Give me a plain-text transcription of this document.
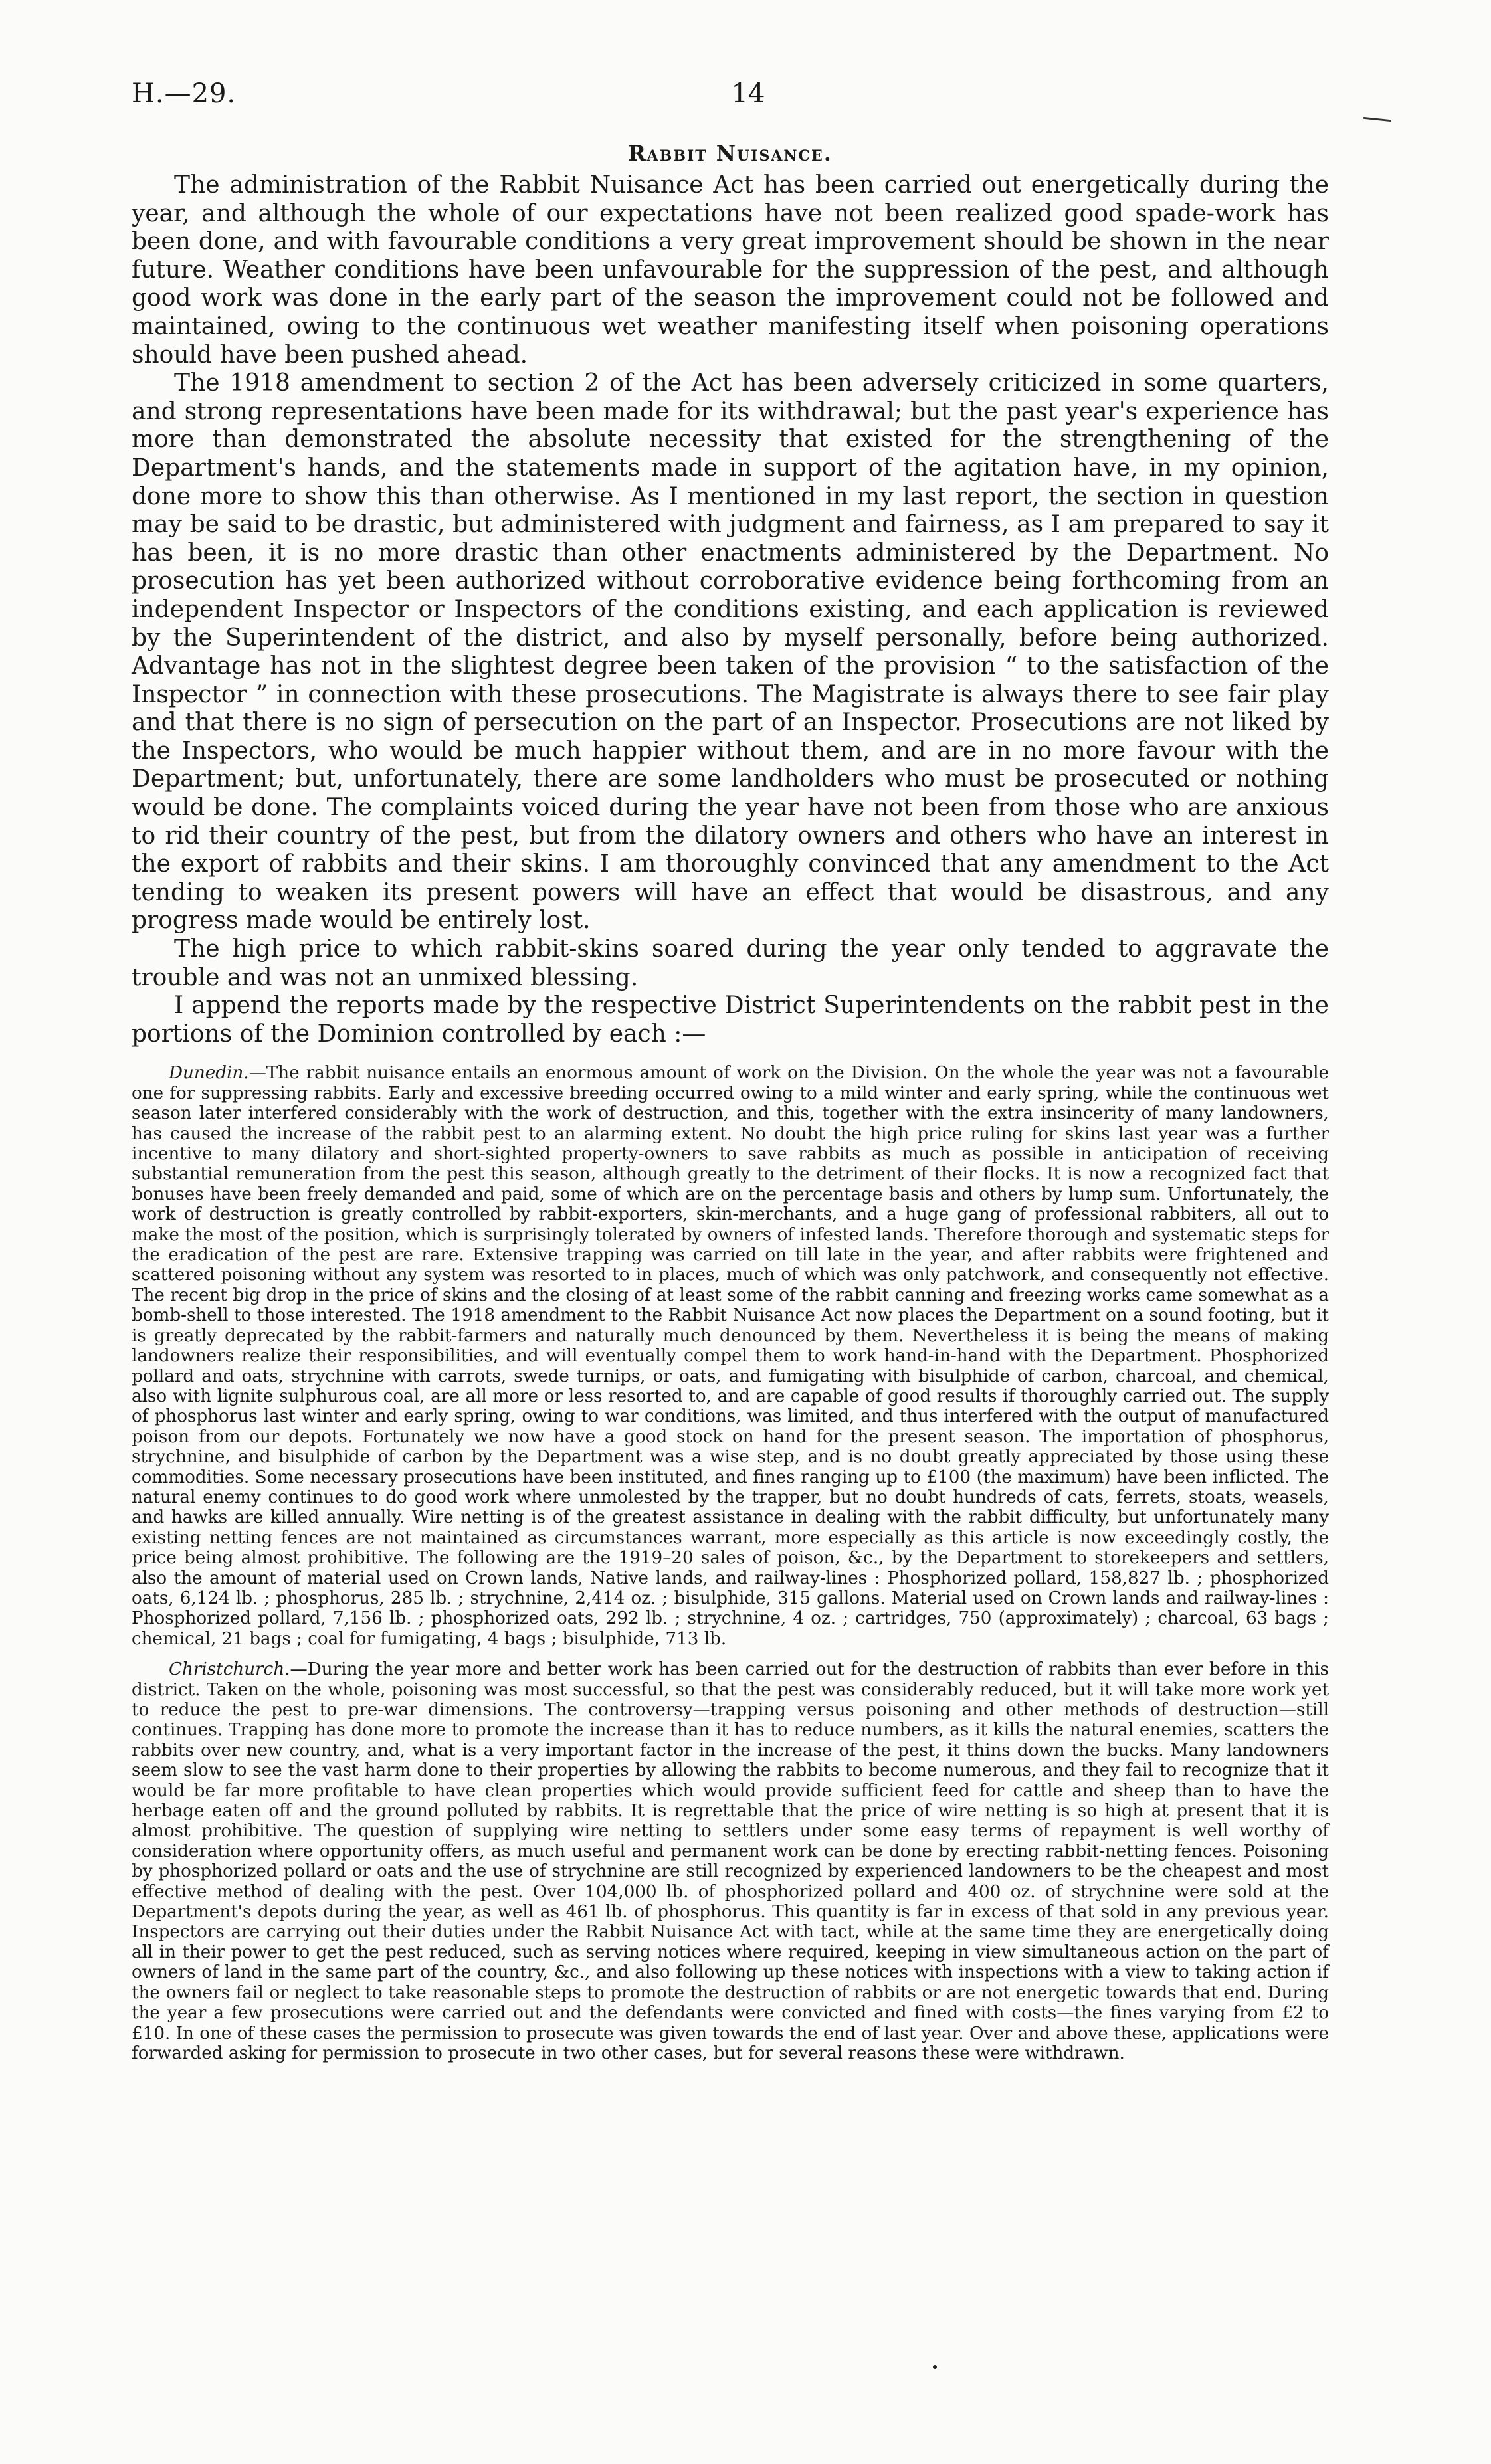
H.—29.	14
Rabbit Nuisance.

The administration of the Rabbit Nuisance Act has been carried out energetically during the year, and although the whole of our expectations have not been realized good spade-work has been done, and with favourable conditions a very great improvement should be shown in the near future. Weather conditions have been unfavourable for the suppression of the pest, and although good work was done in the early part of the season the improvement could not be followed and maintained, owing to the continuous wet weather manifesting itself when poisoning operations should have been pushed ahead.

The 1918 amendment to section 2 of the Act has been adversely criticized in some quarters, and strong representations have been made for its withdrawal; but the past year's experience has more than demonstrated the absolute necessity that existed for the strengthening of the Department's hands, and the statements made in support of the agitation have, in my opinion, done more to show this than otherwise. As I mentioned in my last report, the section in question may be said to be drastic, but administered with judgment and fairness, as I am prepared to say it has been, it is no more drastic than other enactments administered by the Department. No prosecution has yet been authorized without corroborative evidence being forthcoming from an independent Inspector or Inspectors of the conditions existing, and each application is reviewed by the Superintendent of the district, and also by myself personally, before being authorized. Advantage has not in the slightest degree been taken of the provision “ to the satisfaction of the Inspector ” in connection with these prosecutions. The Magistrate is always there to see fair play and that there is no sign of persecution on the part of an Inspector. Prosecutions are not liked by the Inspectors, who would be much happier without them, and are in no more favour with the Department; but, unfortunately, there are some landholders who must be prosecuted or nothing would be done. The complaints voiced during the year have not been from those who are anxious to rid their country of the pest, but from the dilatory owners and others who have an interest in the export of rabbits and their skins. I am thoroughly convinced that any amendment to the Act tending to weaken its present powers will have an effect that would be disastrous, and any progress made would be entirely lost.

The high price to which rabbit-skins soared during the year only tended to aggravate the trouble and was not an unmixed blessing.

I append the reports made by the respective District Superintendents on the rabbit pest in the portions of the Dominion controlled by each :—

Dunedin.—The rabbit nuisance entails an enormous amount of work on the Division. On the whole the year was not a favourable one for suppressing rabbits. Early and excessive breeding occurred owing to a mild winter and early spring, while the continuous wet season later interfered considerably with the work of destruction, and this, together with the extra insincerity of many landowners, has caused the increase of the rabbit pest to an alarming extent. No doubt the high price ruling for skins last year was a further incentive to many dilatory and short-sighted property-owners to save rabbits as much as possible in anticipation of receiving substantial remuneration from the pest this season, although greatly to the detriment of their flocks. It is now a recognized fact that bonuses have been freely demanded and paid, some of which are on the percentage basis and others by lump sum. Unfortunately, the work of destruction is greatly controlled by rabbit-exporters, skin-merchants, and a huge gang of professional rabbiters, all out to make the most of the position, which is surprisingly tolerated by owners of infested lands. Therefore thorough and systematic steps for the eradication of the pest are rare. Extensive trapping was carried on till late in the year, and after rabbits were frightened and scattered poisoning without any system was resorted to in places, much of which was only patchwork, and consequently not effective. The recent big drop in the price of skins and the closing of at least some of the rabbit canning and freezing works came somewhat as a bomb-shell to those interested. The 1918 amendment to the Rabbit Nuisance Act now places the Department on a sound footing, but it is greatly deprecated by the rabbit-farmers and naturally much denounced by them. Nevertheless it is being the means of making landowners realize their responsibilities, and will eventually compel them to work hand-in-hand with the Department. Phosphorized pollard and oats, strychnine with carrots, swede turnips, or oats, and fumigating with bisulphide of carbon, charcoal, and chemical, also with lignite sulphurous coal, are all more or less resorted to, and are capable of good results if thoroughly carried out. The supply of phosphorus last winter and early spring, owing to war conditions, was limited, and thus interfered with the output of manufactured poison from our depots. Fortunately we now have a good stock on hand for the present season. The importation of phosphorus, strychnine, and bisulphide of carbon by the Department was a wise step, and is no doubt greatly appreciated by those using these commodities. Some necessary prosecutions have been instituted, and fines ranging up to £100 (the maximum) have been inflicted. The natural enemy continues to do good work where unmolested by the trapper, but no doubt hundreds of cats, ferrets, stoats, weasels, and hawks are killed annually. Wire netting is of the greatest assistance in dealing with the rabbit difficulty, but unfortunately many existing netting fences are not maintained as circumstances warrant, more especially as this article is now exceedingly costly, the price being almost prohibitive. The following are the 1919–20 sales of poison, &c., by the Department to storekeepers and settlers, also the amount of material used on Crown lands, Native lands, and railway-lines : Phosphorized pollard, 158,827 lb. ; phosphorized oats, 6,124 lb. ; phosphorus, 285 lb. ; strychnine, 2,414 oz. ; bisulphide, 315 gallons. Material used on Crown lands and railway-lines : Phosphorized pollard, 7,156 lb. ; phosphorized oats, 292 lb. ; strychnine, 4 oz. ; cartridges, 750 (approximately) ; charcoal, 63 bags ; chemical, 21 bags ; coal for fumigating, 4 bags ; bisulphide, 713 lb.

Christchurch.—During the year more and better work has been carried out for the destruction of rabbits than ever before in this district. Taken on the whole, poisoning was most successful, so that the pest was considerably reduced, but it will take more work yet to reduce the pest to pre-war dimensions. The controversy—trapping versus poisoning and other methods of destruction—still continues. Trapping has done more to promote the increase than it has to reduce numbers, as it kills the natural enemies, scatters the rabbits over new country, and, what is a very important factor in the increase of the pest, it thins down the bucks. Many landowners seem slow to see the vast harm done to their properties by allowing the rabbits to become numerous, and they fail to recognize that it would be far more profitable to have clean properties which would provide sufficient feed for cattle and sheep than to have the herbage eaten off and the ground polluted by rabbits. It is regrettable that the price of wire netting is so high at present that it is almost prohibitive. The question of supplying wire netting to settlers under some easy terms of repayment is well worthy of consideration where opportunity offers, as much useful and permanent work can be done by erecting rabbit-netting fences. Poisoning by phosphorized pollard or oats and the use of strychnine are still recognized by experienced landowners to be the cheapest and most effective method of dealing with the pest. Over 104,000 lb. of phosphorized pollard and 400 oz. of strychnine were sold at the Department's depots during the year, as well as 461 lb. of phosphorus. This quantity is far in excess of that sold in any previous year. Inspectors are carrying out their duties under the Rabbit Nuisance Act with tact, while at the same time they are energetically doing all in their power to get the pest reduced, such as serving notices where required, keeping in view simultaneous action on the part of owners of land in the same part of the country, &c., and also following up these notices with inspections with a view to taking action if the owners fail or neglect to take reasonable steps to promote the destruction of rabbits or are not energetic towards that end. During the year a few prosecutions were carried out and the defendants were convicted and fined with costs—the fines varying from £2 to £10. In one of these cases the permission to prosecute was given towards the end of last year. Over and above these, applications were forwarded asking for permission to prosecute in two other cases, but for several reasons these were withdrawn.
